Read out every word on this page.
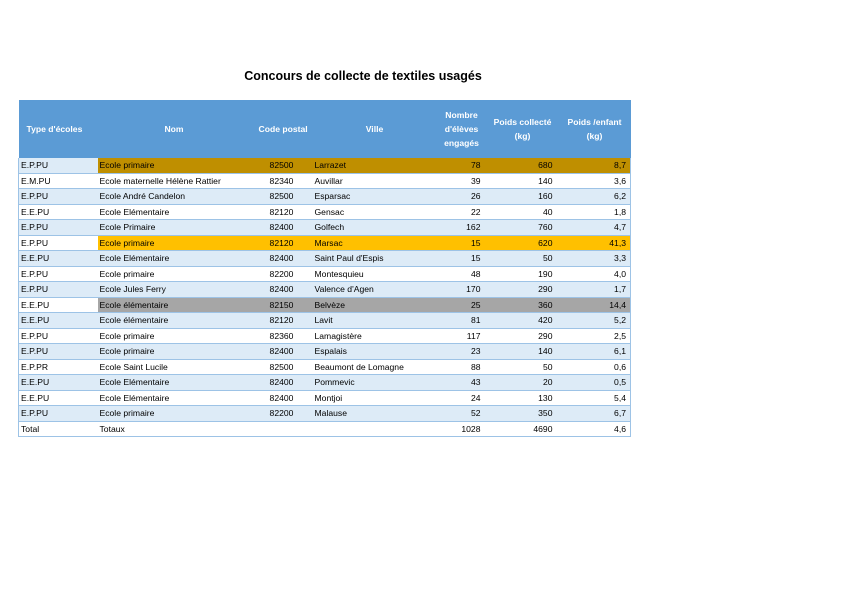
Concours de collecte de textiles usagés
Type d'écoles	Nom	Code postal	Ville	Nombre d'élèves engagés	Poids collecté (kg)	Poids /enfant (kg)
E.P.PU	Ecole primaire	82500	Larrazet	78	680	8,7
E.M.PU	Ecole maternelle Hélène Rattier	82340	Auvillar	39	140	3,6
E.P.PU	Ecole André Candelon	82500	Esparsac	26	160	6,2
E.E.PU	Ecole Elémentaire	82120	Gensac	22	40	1,8
E.P.PU	Ecole Primaire	82400	Golfech	162	760	4,7
E.P.PU	Ecole primaire	82120	Marsac	15	620	41,3
E.E.PU	Ecole Elémentaire	82400	Saint Paul d'Espis	15	50	3,3
E.P.PU	Ecole primaire	82200	Montesquieu	48	190	4,0
E.P.PU	Ecole Jules Ferry	82400	Valence d'Agen	170	290	1,7
E.E.PU	Ecole élémentaire	82150	Belvèze	25	360	14,4
E.E.PU	Ecole élémentaire	82120	Lavit	81	420	5,2
E.P.PU	Ecole primaire	82360	Lamagistère	117	290	2,5
E.P.PU	Ecole primaire	82400	Espalais	23	140	6,1
E.P.PR	Ecole Saint Lucile	82500	Beaumont de Lomagne	88	50	0,6
E.E.PU	Ecole Elémentaire	82400	Pommevic	43	20	0,5
E.E.PU	Ecole Elémentaire	82400	Montjoi	24	130	5,4
E.P.PU	Ecole primaire	82200	Malause	52	350	6,7
Total	Totaux			1028	4690	4,6
